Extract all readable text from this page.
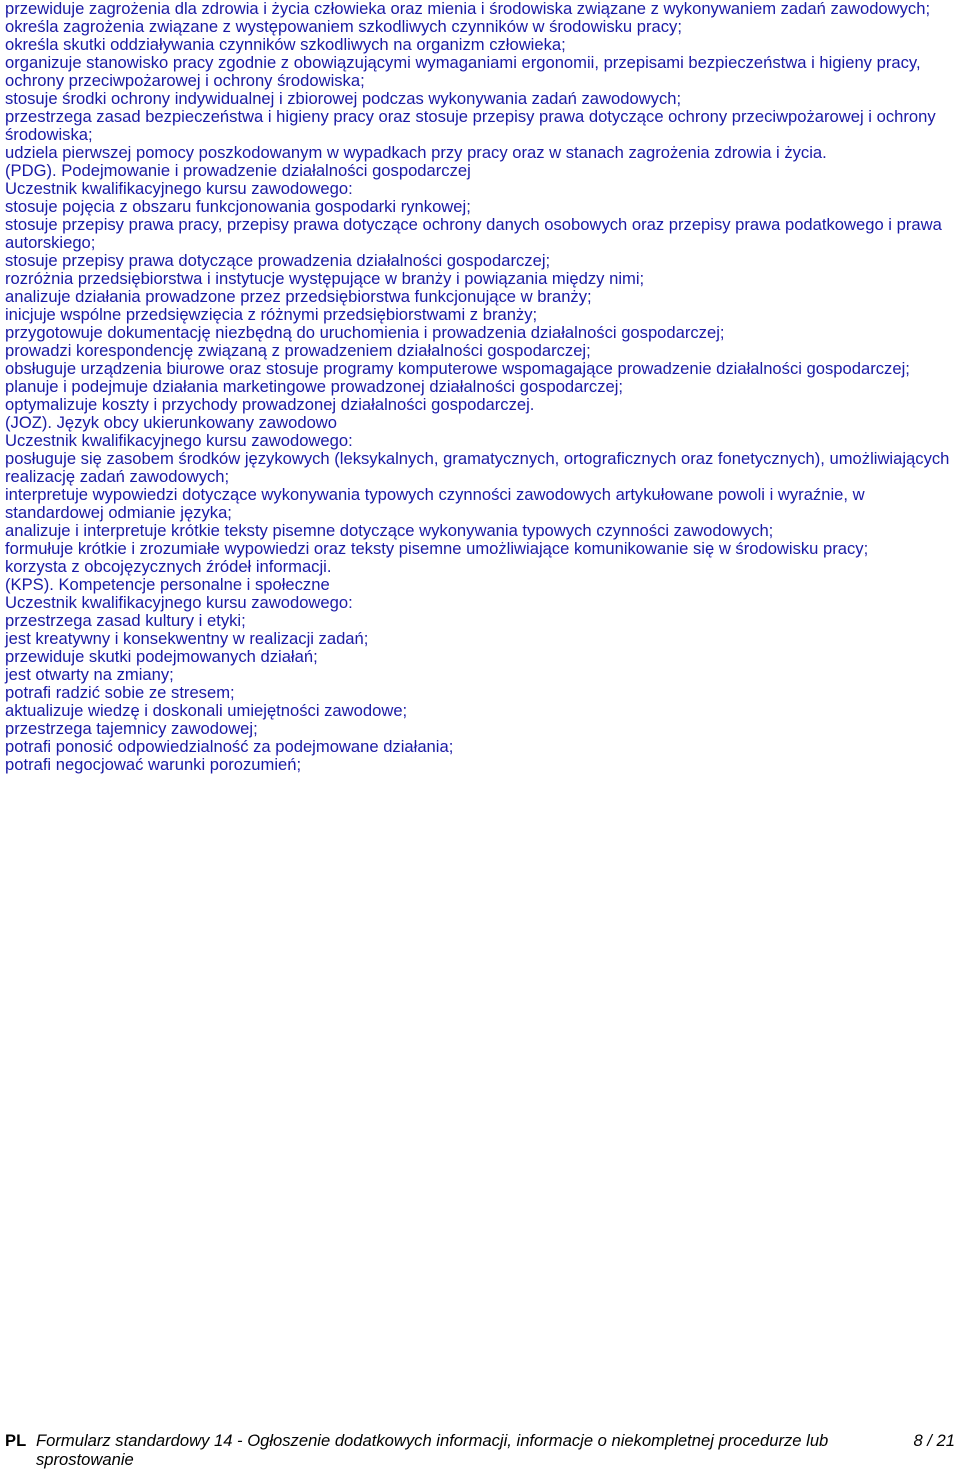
przewiduje zagrożenia dla zdrowia i życia człowieka oraz mienia i środowiska związane z wykonywaniem zadań zawodowych;
określa zagrożenia związane z występowaniem szkodliwych czynników w środowisku pracy;
określa skutki oddziaływania czynników szkodliwych na organizm człowieka;
organizuje stanowisko pracy zgodnie z obowiązującymi wymaganiami ergonomii, przepisami bezpieczeństwa i higieny pracy, ochrony przeciwpożarowej i ochrony środowiska;
stosuje środki ochrony indywidualnej i zbiorowej podczas wykonywania zadań zawodowych;
przestrzega zasad bezpieczeństwa i higieny pracy oraz stosuje przepisy prawa dotyczące ochrony przeciwpożarowej i ochrony środowiska;
udziela pierwszej pomocy poszkodowanym w wypadkach przy pracy oraz w stanach zagrożenia zdrowia i życia.
(PDG). Podejmowanie i prowadzenie działalności gospodarczej
Uczestnik kwalifikacyjnego kursu zawodowego:
stosuje pojęcia z obszaru funkcjonowania gospodarki rynkowej;
stosuje przepisy prawa pracy, przepisy prawa dotyczące ochrony danych osobowych oraz przepisy prawa podatkowego i prawa autorskiego;
stosuje przepisy prawa dotyczące prowadzenia działalności gospodarczej;
rozróżnia przedsiębiorstwa i instytucje występujące w branży i powiązania między nimi;
analizuje działania prowadzone przez przedsiębiorstwa funkcjonujące w branży;
inicjuje wspólne przedsięwzięcia z różnymi przedsiębiorstwami z branży;
przygotowuje dokumentację niezbędną do uruchomienia i prowadzenia działalności gospodarczej;
prowadzi korespondencję związaną z prowadzeniem działalności gospodarczej;
obsługuje urządzenia biurowe oraz stosuje programy komputerowe wspomagające prowadzenie działalności gospodarczej;
planuje i podejmuje działania marketingowe prowadzonej działalności gospodarczej;
optymalizuje koszty i przychody prowadzonej działalności gospodarczej.
(JOZ). Język obcy ukierunkowany zawodowo
Uczestnik kwalifikacyjnego kursu zawodowego:
posługuje się zasobem środków językowych (leksykalnych, gramatycznych, ortograficznych oraz fonetycznych), umożliwiających realizację zadań zawodowych;
interpretuje wypowiedzi dotyczące wykonywania typowych czynności zawodowych artykułowane powoli i wyraźnie, w standardowej odmianie języka;
analizuje i interpretuje krótkie teksty pisemne dotyczące wykonywania typowych czynności zawodowych;
formułuje krótkie i zrozumiałe wypowiedzi oraz teksty pisemne umożliwiające komunikowanie się w środowisku pracy;
korzysta z obcojęzycznych źródeł informacji.
(KPS). Kompetencje personalne i społeczne
Uczestnik kwalifikacyjnego kursu zawodowego:
przestrzega zasad kultury i etyki;
jest kreatywny i konsekwentny w realizacji zadań;
przewiduje skutki podejmowanych działań;
jest otwarty na zmiany;
potrafi radzić sobie ze stresem;
aktualizuje wiedzę i doskonali umiejętności zawodowe;
przestrzega tajemnicy zawodowej;
potrafi ponosić odpowiedzialność za podejmowane działania;
potrafi negocjować warunki porozumień;
PL Formularz standardowy 14 - Ogłoszenie dodatkowych informacji, informacje o niekompletnej procedurze lub sprostowanie
8 / 21
